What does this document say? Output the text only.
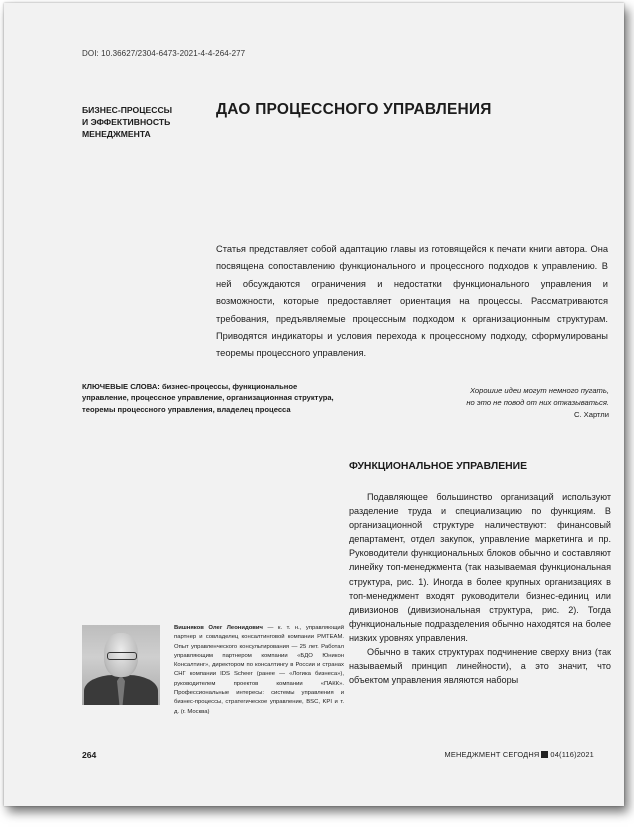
DOI: 10.36627/2304-6473-2021-4-4-264-277
БИЗНЕС-ПРОЦЕССЫ
И ЭФФЕКТИВНОСТЬ
МЕНЕДЖМЕНТА
ДАО ПРОЦЕССНОГО УПРАВЛЕНИЯ
Статья представляет собой адаптацию главы из готовящейся к печати книги автора. Она посвящена сопоставлению функционального и процессного подходов к управлению. В ней обсуждаются ограничения и недостатки функционального управления и возможности, которые предоставляет ориентация на процессы. Рассматриваются требования, предъявляемые процессным подходом к организационным структурам. Приводятся индикаторы и условия перехода к процессному подходу, сформулированы теоремы процессного управления.
КЛЮЧЕВЫЕ СЛОВА: бизнес-процессы, функциональное управление, процессное управление, организационная структура, теоремы процессного управления, владелец процесса
Хорошие идеи могут немного пугать,
но это не повод от них отказываться.
С. Хартли
ФУНКЦИОНАЛЬНОЕ УПРАВЛЕНИЕ

Подавляющее большинство организаций используют разделение труда и специализацию по функциям. В организационной структуре наличествуют: финансовый департамент, отдел закупок, управление маркетинга и пр. Руководители функциональных блоков обычно и составляют линейку топ-менеджмента (так называемая функциональная структура, рис. 1). Иногда в более крупных организациях в топ-менеджмент входят руководители бизнес-единиц или дивизионов (дивизиональная структура, рис. 2). Тогда функциональные подразделения обычно находятся на более низких уровнях управления.

Обычно в таких структурах подчинение сверху вниз (так называемый принцип линейности), а это значит, что объектом управления являются наборы

Вишняков Олег Леонидович — к. т. н., управляющий партнер и совладелец консалтинговой компании PMTEAM. Опыт управленческого консультирования — 25 лет. Работал управляющим партнером компании «БДО Юникон Консалтинг», директором по консалтингу в России и странах СНГ компании IDS Scheer (ранее — «Логика бизнеса»), руководителем проектов компании «ПАКК». Профессиональные интересы: системы управления и бизнес-процессы, стратегическое управление, BSC, KPI и т. д. (г. Москва)
264	МЕНЕДЖМЕНТ СЕГОДНЯ 04(116)2021
